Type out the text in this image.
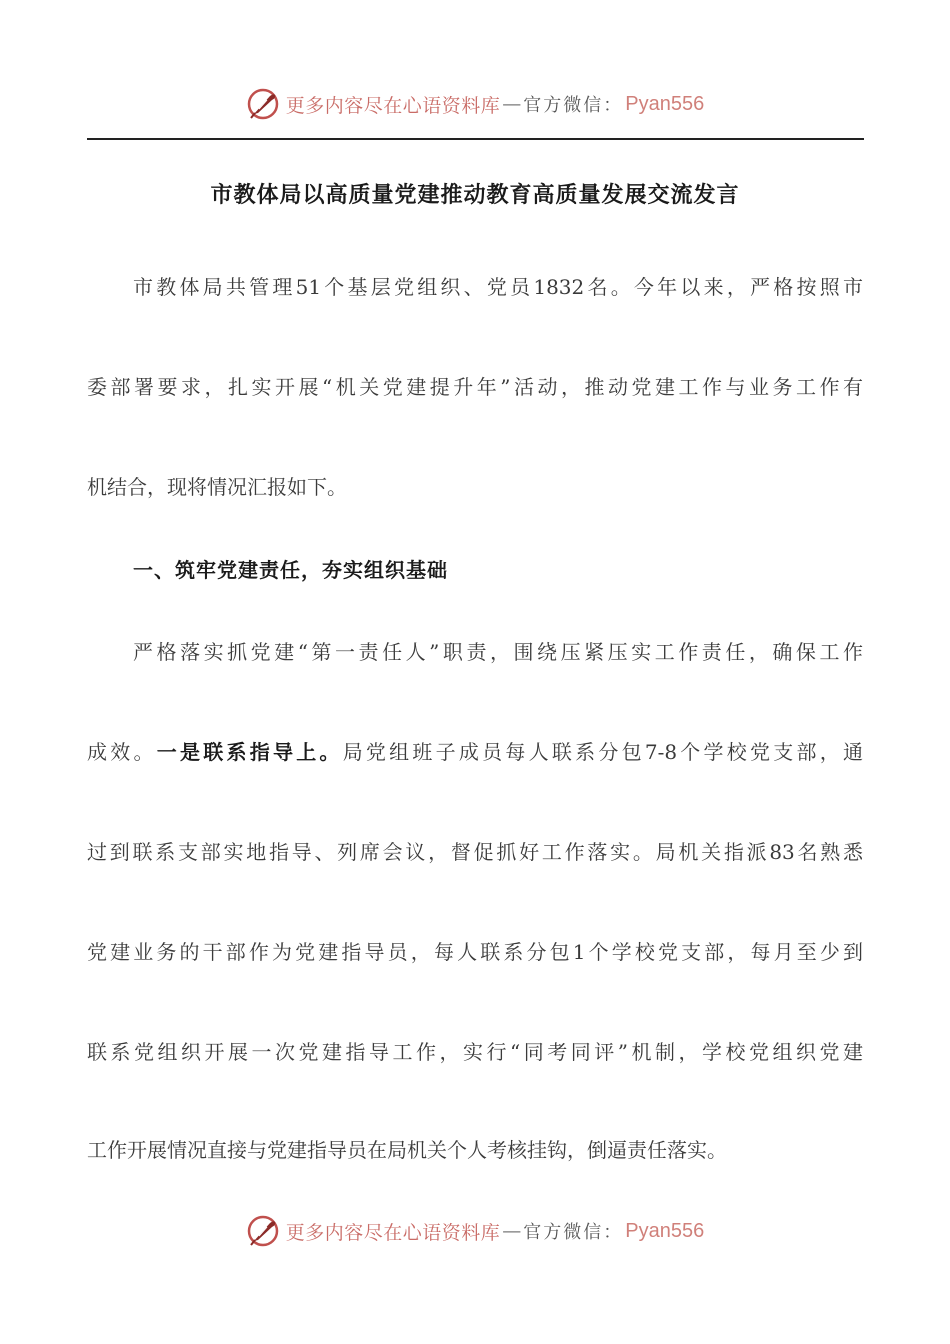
更多内容尽在心语资料库 — 官方微信： Pyan556
市教体局以高质量党建推动教育高质量发展交流发言
市教体局共管理51个基层党组织、党员1832名。今年以来，严格按照市
委部署要求，扎实开展“机关党建提升年”活动，推动党建工作与业务工作有
机结合，现将情况汇报如下。
一、筑牢党建责任，夯实组织基础
严格落实抓党建“第一责任人”职责，围绕压紧压实工作责任，确保工作
成效。一是联系指导上。局党组班子成员每人联系分包7-8个学校党支部，通
过到联系支部实地指导、列席会议，督促抓好工作落实。局机关指派83名熟悉
党建业务的干部作为党建指导员，每人联系分包1个学校党支部，每月至少到
联系党组织开展一次党建指导工作，实行“同考同评”机制，学校党组织党建
工作开展情况直接与党建指导员在局机关个人考核挂钩，倒逼责任落实。
更多内容尽在心语资料库 — 官方微信： Pyan556
